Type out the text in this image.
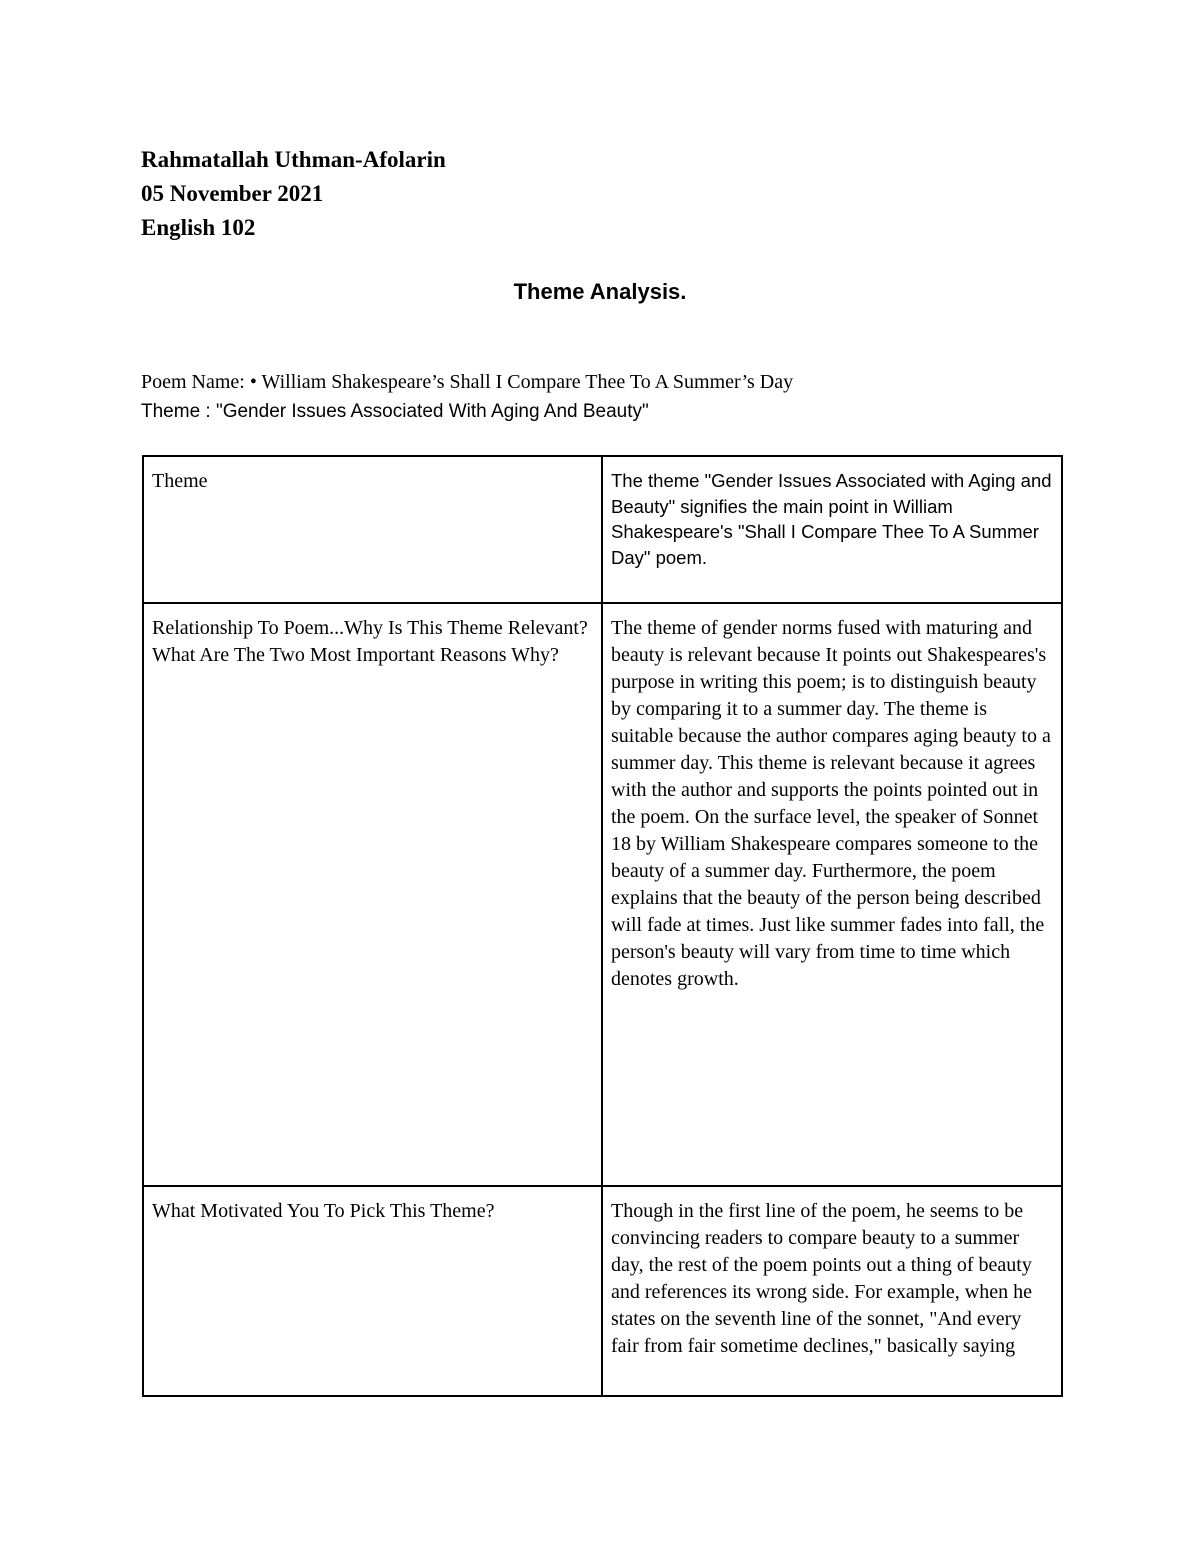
Rahmatallah Uthman-Afolarin
05 November 2021
English 102
Theme Analysis.
Poem Name: • William Shakespeare’s Shall I Compare Thee To A Summer’s Day
Theme : "Gender Issues Associated With Aging And Beauty"
Theme	The theme "Gender Issues Associated with Aging and Beauty" signifies the main point in William Shakespeare's "Shall I Compare Thee To A Summer Day" poem.
Relationship To Poem...Why Is This Theme Relevant? What Are The Two Most Important Reasons Why?	The theme of gender norms fused with maturing and beauty is relevant because It points out Shakespeares's purpose in writing this poem; is to distinguish beauty by comparing it to a summer day. The theme is suitable because the author compares aging beauty to a summer day. This theme is relevant because it agrees with the author and supports the points pointed out in the poem. On the surface level, the speaker of Sonnet 18 by William Shakespeare compares someone to the beauty of a summer day. Furthermore, the poem explains that the beauty of the person being described will fade at times. Just like summer fades into fall, the person's beauty will vary from time to time which denotes growth.
What Motivated You To Pick This Theme?	Though in the first line of the poem, he seems to be convincing readers to compare beauty to a summer day, the rest of the poem points out a thing of beauty and references its wrong side. For example, when he states on the seventh line of the sonnet, "And every fair from fair sometime declines," basically saying
